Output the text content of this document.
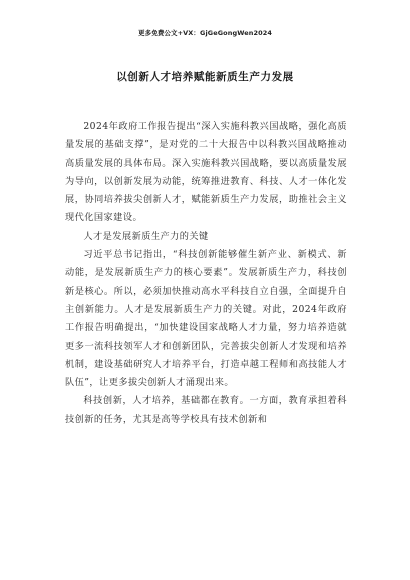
更多免费公文+VX：GjGeGongWen2024
以创新人才培养赋能新质生产力发展

2024年政府工作报告提出“深入实施科教兴国战略，强化高质量发展的基础支撑”，是对党的二十大报告中以科教兴国战略推动高质量发展的具体布局。深入实施科教兴国战略，要以高质量发展为导向，以创新发展为动能，统筹推进教育、科技、人才一体化发展，协同培养拔尖创新人才，赋能新质生产力发展，助推社会主义现代化国家建设。

人才是发展新质生产力的关键

习近平总书记指出，“科技创新能够催生新产业、新模式、新动能，是发展新质生产力的核心要素”。发展新质生产力，科技创新是核心。所以，必须加快推动高水平科技自立自强，全面提升自主创新能力。人才是发展新质生产力的关键。对此，2024年政府工作报告明确提出，“加快建设国家战略人才力量，努力培养造就更多一流科技领军人才和创新团队，完善拔尖创新人才发现和培养机制，建设基础研究人才培养平台，打造卓越工程师和高技能人才队伍”，让更多拔尖创新人才涌现出来。

科技创新，人才培养，基础都在教育。一方面，教育承担着科技创新的任务，尤其是高等学校具有技术创新和
